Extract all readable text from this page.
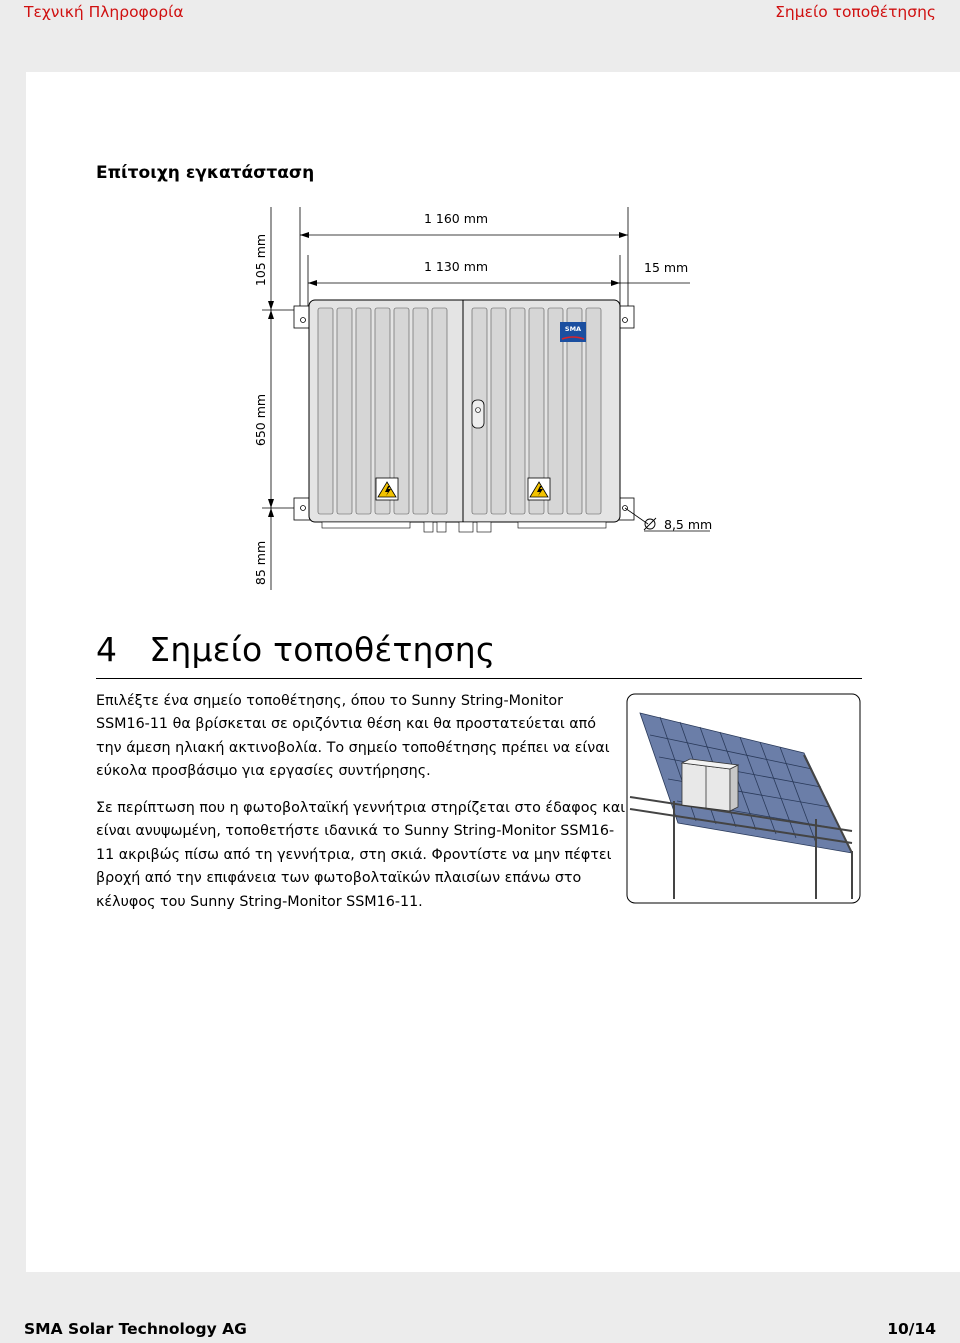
Τεχνική Πληροφορία	Σημείο τοποθέτησης
Επίτοιχη εγκατάσταση
1 160 mm
1 130 mm	15 mm
105 mm
650 mm
85 mm
SMA
8,5 mm
4 Σημείο τοποθέτησης

Επιλέξτε ένα σημείο τοποθέτησης, όπου το Sunny String-Monitor SSM16-11 θα βρίσκεται σε οριζόντια θέση και θα προστατεύεται από την άμεση ηλιακή ακτινοβολία. Το σημείο τοποθέτησης πρέπει να είναι εύκολα προσβάσιμο για εργασίες συντήρησης.

Σε περίπτωση που η φωτοβολταϊκή γεννήτρια στηρίζεται στο έδαφος και είναι ανυψωμένη, τοποθετήστε ιδανικά το Sunny String-Monitor SSM16-11 ακριβώς πίσω από τη γεννήτρια, στη σκιά. Φροντίστε να μην πέφτει βροχή από την επιφάνεια των φωτοβολταϊκών πλαισίων επάνω στο κέλυφος του Sunny String-Monitor SSM16-11.

SMA Solar Technology AG	10/14
